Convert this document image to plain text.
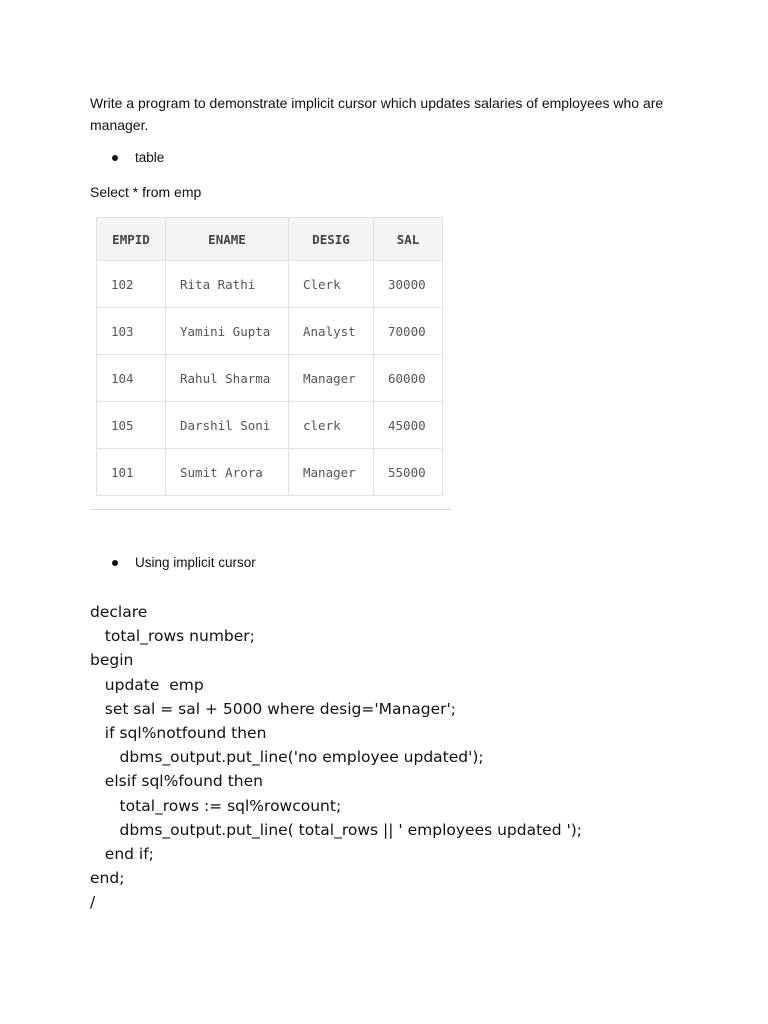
Write a program to demonstrate implicit cursor which updates salaries of employees who are manager.

table
Select * from emp
EMPID	ENAME	DESIG	SAL
102	Rita Rathi	Clerk	30000
103	Yamini Gupta	Analyst	70000
104	Rahul Sharma	Manager	60000
105	Darshil Soni	clerk	45000
101	Sumit Arora	Manager	55000
Using implicit cursor
declare
total_rows number;
begin
update  emp
set sal = sal + 5000 where desig='Manager';
if sql%notfound then
dbms_output.put_line('no employee updated');
elsif sql%found then
total_rows := sql%rowcount;
dbms_output.put_line( total_rows || ' employees updated ');
end if;
end;
/
